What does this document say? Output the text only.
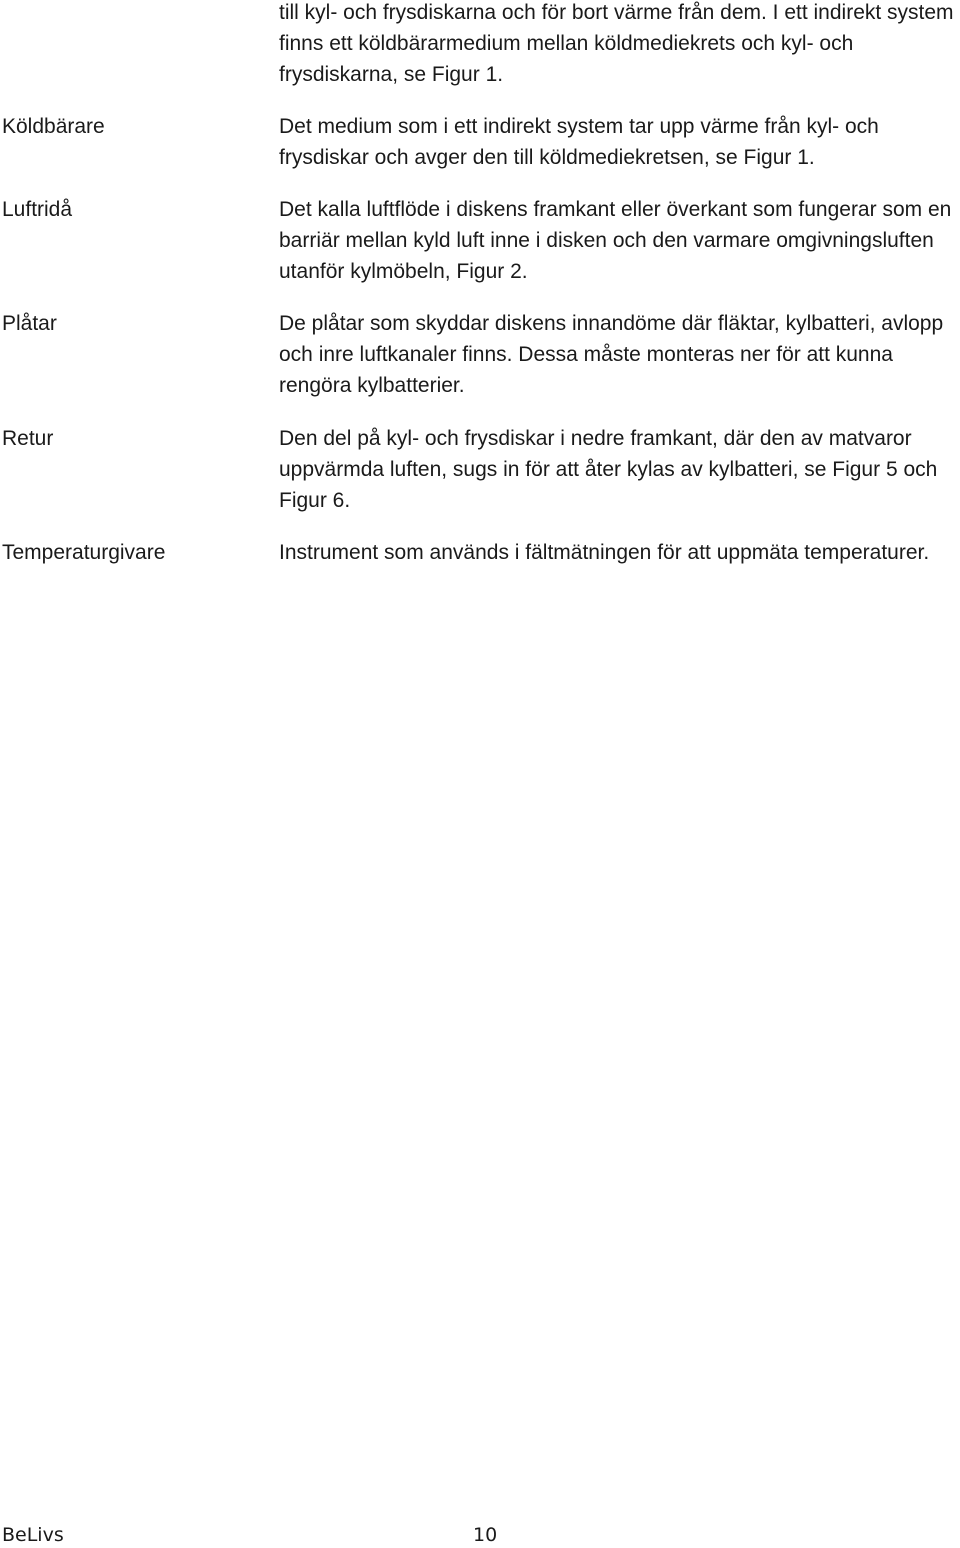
till kyl- och frysdiskarna och för bort värme från dem. I ett indirekt system finns ett köldbärarmedium mellan köldmediekrets och kyl- och frysdiskarna, se Figur 1.
Köldbärare	Det medium som i ett indirekt system tar upp värme från kyl- och frysdiskar och avger den till köldmediekretsen, se Figur 1.
Luftridå	Det kalla luftflöde i diskens framkant eller överkant som fungerar som en barriär mellan kyld luft inne i disken och den varmare omgivningsluften utanför kylmöbeln, Figur 2.
Plåtar	De plåtar som skyddar diskens innandöme där fläktar, kylbatteri, avlopp och inre luftkanaler finns. Dessa måste monteras ner för att kunna rengöra kylbatterier.
Retur	Den del på kyl- och frysdiskar i nedre framkant, där den av matvaror uppvärmda luften, sugs in för att åter kylas av kylbatteri, se Figur 5 och Figur 6.
Temperaturgivare	Instrument som används i fältmätningen för att uppmäta temperaturer.
BeLivs	10
